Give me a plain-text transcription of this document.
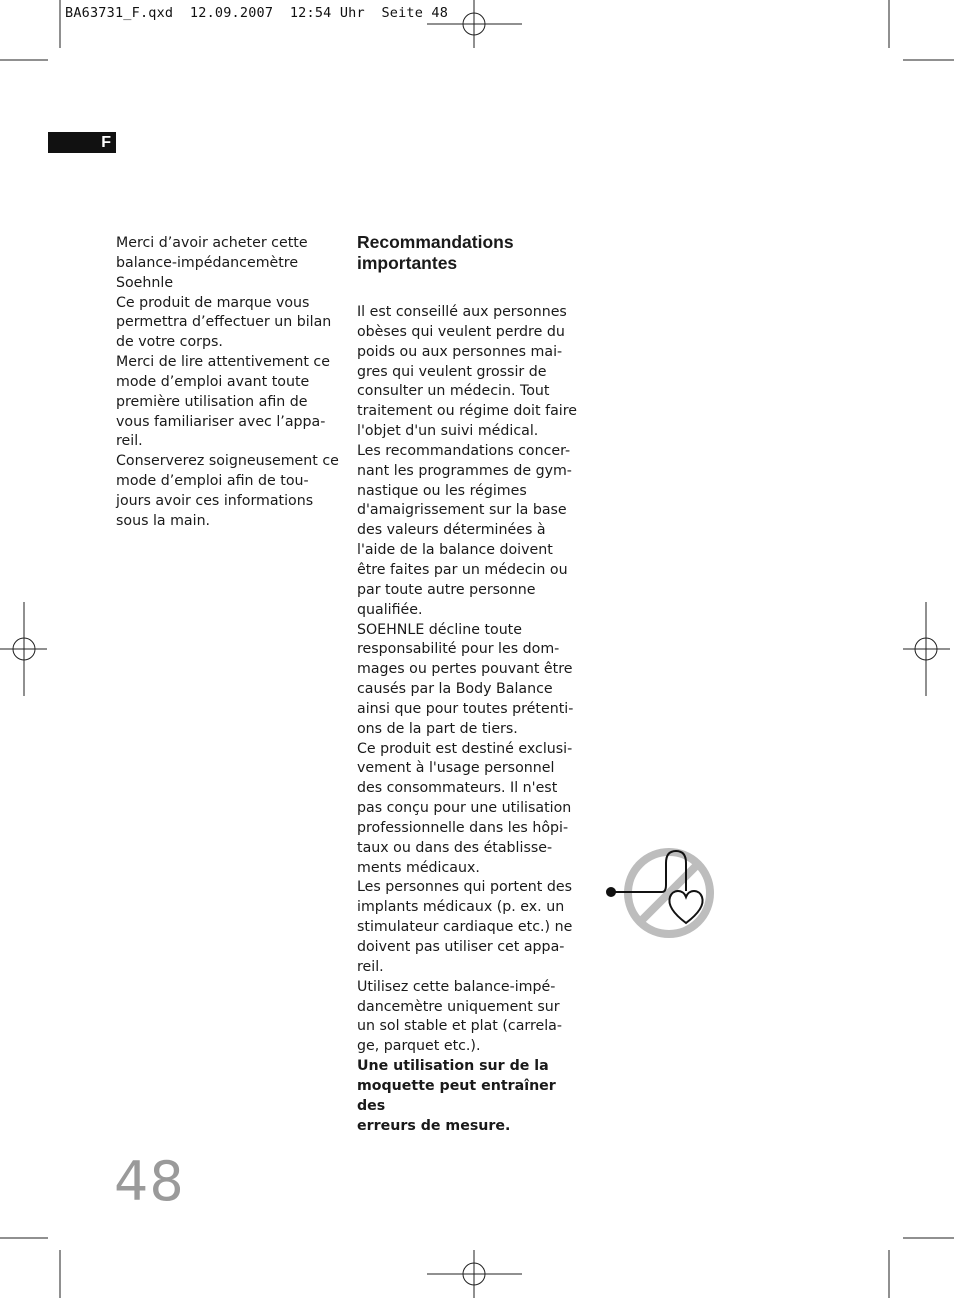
BA63731_F.qxd  12.09.2007  12:54 Uhr  Seite 48
F

Merci d’avoir acheter cette
balance-impédancemètre
Soehnle

Ce produit de marque vous
permettra d’effectuer un bilan
de votre corps.

Merci de lire attentivement ce
mode d’emploi avant toute
première utilisation afin de
vous familiariser avec l’appa-
reil.

Conserverez soigneusement ce
mode d’emploi afin de tou-
jours avoir ces informations
sous la main.

Recommandations
importantes

Il est conseillé aux personnes
obèses qui veulent perdre du
poids ou aux personnes mai-
gres qui veulent grossir de
consulter un médecin. Tout
traitement ou régime doit faire
l'objet d'un suivi médical.

Les recommandations concer-
nant les programmes de gym-
nastique ou les régimes
d'amaigrissement sur la base
des valeurs déterminées à
l'aide de la balance doivent
être faites par un médecin ou
par toute autre personne
qualifiée.

SOEHNLE décline toute
responsabilité pour les dom-
mages ou pertes pouvant être
causés par la Body Balance
ainsi que pour toutes prétenti-
ons de la part de tiers.

Ce produit est destiné exclusi-
vement à l'usage personnel
des consommateurs. Il n'est
pas conçu pour une utilisation
professionnelle dans les hôpi-
taux ou dans des établisse-
ments médicaux.

Les personnes qui portent des
implants médicaux (p. ex. un
stimulateur cardiaque etc.) ne
doivent pas utiliser cet appa-
reil.

Utilisez cette balance-impé-
dancemètre uniquement sur
un sol stable et plat (carrela-
ge, parquet etc.).

Une utilisation sur de la
moquette peut entraîner des
erreurs de mesure.

48
